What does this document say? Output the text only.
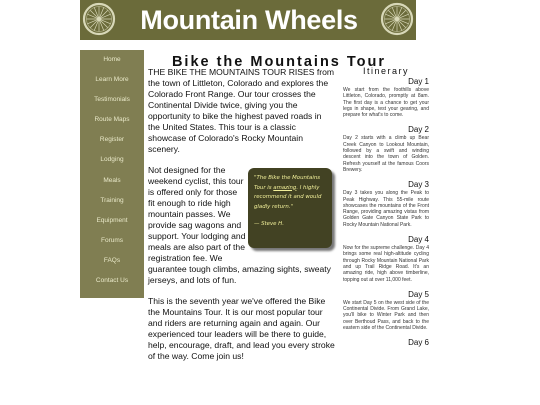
Mountain Wheels
Home
Learn More
Testimonials
Route Maps
Register
Lodging
Meals
Training
Equipment
Forums
FAQs
Contact Us
Bike the Mountains Tour

THE BIKE THE MOUNTAINS TOUR RISES from the town of Littleton, Colorado and explores the Colorado Front Range. Our tour crosses the Continental Divide twice, giving you the opportunity to bike the highest paved roads in the United States. This tour is a classic showcase of Colorado's Rocky Mountain scenery.

"The Bike the Mountains Tour is amazing. I highly recommend it and would gladly return."
— Steve H.

Not designed for the weekend cyclist, this tour is offered only for those fit enough to ride high mountain passes. We provide sag wagons and support. Your lodging and meals are also part of the registration fee. We guarantee tough climbs, amazing sights, sweaty jerseys, and lots of fun.

This is the seventh year we've offered the Bike the Mountains Tour. It is our most popular tour and riders are returning again and again. Our experienced tour leaders will be there to guide, help, encourage, draft, and lead you every stroke of the way. Come join us!

Itinerary
Day 1
We start from the foothills above Littleton, Colorado, promptly at 8am. The first day is a chance to get your legs in shape, test your gearing, and prepare for what's to come.
Day 2
Day 2 starts with a climb up Bear Creek Canyon to Lookout Mountain, followed by a swift and winding descent into the town of Golden. Refresh yourself at the famous Coors Brewery.
Day 3
Day 3 takes you along the Peak to Peak Highway. This 55-mile route showcases the mountains of the Front Range, providing amazing vistas from Golden Gate Canyon State Park to Rocky Mountain National Park.
Day 4
Now for the supreme challenge. Day 4 brings some real high-altitude cycling through Rocky Mountain National Park and up Trail Ridge Road. It's an amazing ride, high above timberline, topping out at over 11,000 feet.
Day 5
We start Day 5 on the west side of the Continental Divide. From Grand Lake, you'll bike to Winter Park and then over Berthoud Pass, and back to the eastern side of the Continental Divide.
Day 6
